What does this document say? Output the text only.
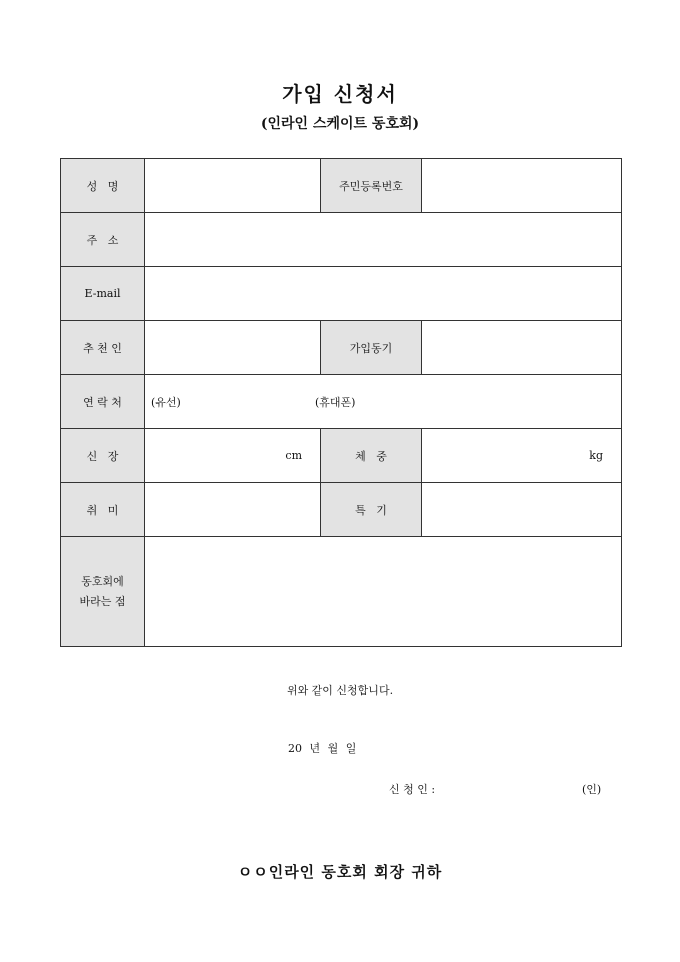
가입 신청서
(인라인 스케이트 동호회)
성   명		주민등록번호	
주   소			
E-mail			
추 천 인		가입동기	
연 락 처	(유선) (휴대폰)		

신   장	cm	체   중	kg

취   미		특   기	

동호회에
바라는 점			

위와 같이 신청합니다.
20 년 월 일
신 청 인 :	(인)
ㅇㅇ인라인 동호회 회장 귀하
